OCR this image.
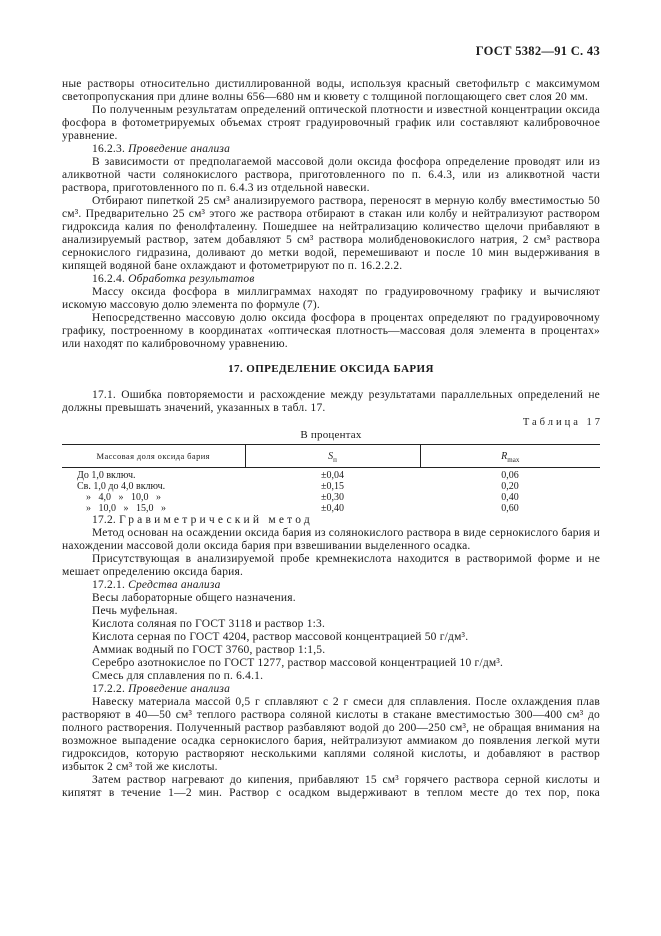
ГОСТ 5382—91 С. 43

ные растворы относительно дистиллированной воды, используя красный светофильтр с максимумом светопропускания при длине волны 656—680 нм и кювету с толщиной поглощающего свет слоя 20 мм.

По полученным результатам определений оптической плотности и известной концентрации оксида фосфора в фотометрируемых объемах строят градуировочный график или составляют калибровочное уравнение.

16.2.3. Проведение анализа

В зависимости от предполагаемой массовой доли оксида фосфора определение проводят или из аликвотной части солянокислого раствора, приготовленного по п. 6.4.3, или из аликвотной части раствора, приготовленного по п. 6.4.3 из отдельной навески.

Отбирают пипеткой 25 см³ анализируемого раствора, переносят в мерную колбу вместимостью 50 см³. Предварительно 25 см³ этого же раствора отбирают в стакан или колбу и нейтрализуют раствором гидроксида калия по фенолфталеину. Пошедшее на нейтрализацию количество щелочи прибавляют в анализируемый раствор, затем добавляют 5 см³ раствора молибденовокислого натрия, 2 см³ раствора сернокислого гидразина, доливают до метки водой, перемешивают и после 10 мин выдерживания в кипящей водяной бане охлаждают и фотометрируют по п. 16.2.2.2.

16.2.4. Обработка результатов

Массу оксида фосфора в миллиграммах находят по градуировочному графику и вычисляют искомую массовую долю элемента по формуле (7).

Непосредственно массовую долю оксида фосфора в процентах определяют по градуировочному графику, построенному в координатах «оптическая плотность—массовая доля элемента в процентах» или находят по калибровочному уравнению.

17. ОПРЕДЕЛЕНИЕ ОКСИДА БАРИЯ

17.1. Ошибка повторяемости и расхождение между результатами параллельных определений не должны превышать значений, указанных в табл. 17.

Таблица 17
В процентах
Массовая доля оксида бария	$S_п$	$R_{max}$
До 1,0 включ.	±0,04	0,06
Св. 1,0 до 4,0 включ.	±0,15	0,20
» 4,0 » 10,0 »	±0,30	0,40
» 10,0 » 15,0 »	±0,40	0,60

17.2. Гравиметрический метод

Метод основан на осаждении оксида бария из солянокислого раствора в виде сернокислого бария и нахождении массовой доли оксида бария при взвешивании выделенного осадка.

Присутствующая в анализируемой пробе кремнекислота находится в растворимой форме и не мешает определению оксида бария.

17.2.1. Средства анализа

Весы лабораторные общего назначения.

Печь муфельная.

Кислота соляная по ГОСТ 3118 и раствор 1:3.

Кислота серная по ГОСТ 4204, раствор массовой концентрацией 50 г/дм³.

Аммиак водный по ГОСТ 3760, раствор 1:1,5.

Серебро азотнокислое по ГОСТ 1277, раствор массовой концентрацией 10 г/дм³.

Смесь для сплавления по п. 6.4.1.

17.2.2. Проведение анализа

Навеску материала массой 0,5 г сплавляют с 2 г смеси для сплавления. После охлаждения плав растворяют в 40—50 см³ теплого раствора соляной кислоты в стакане вместимостью 300—400 см³ до полного растворения. Полученный раствор разбавляют водой до 200—250 см³, не обращая внимания на возможное выпадение осадка сернокислого бария, нейтрализуют аммиаком до появления легкой мути гидроксидов, которую растворяют несколькими каплями соляной кислоты, и добавляют в раствор избыток 2 см³ той же кислоты.

Затем раствор нагревают до кипения, прибавляют 15 см³ горячего раствора серной кислоты и кипятят в течение 1—2 мин. Раствор с осадком выдерживают в теплом месте до тех пор, пока
